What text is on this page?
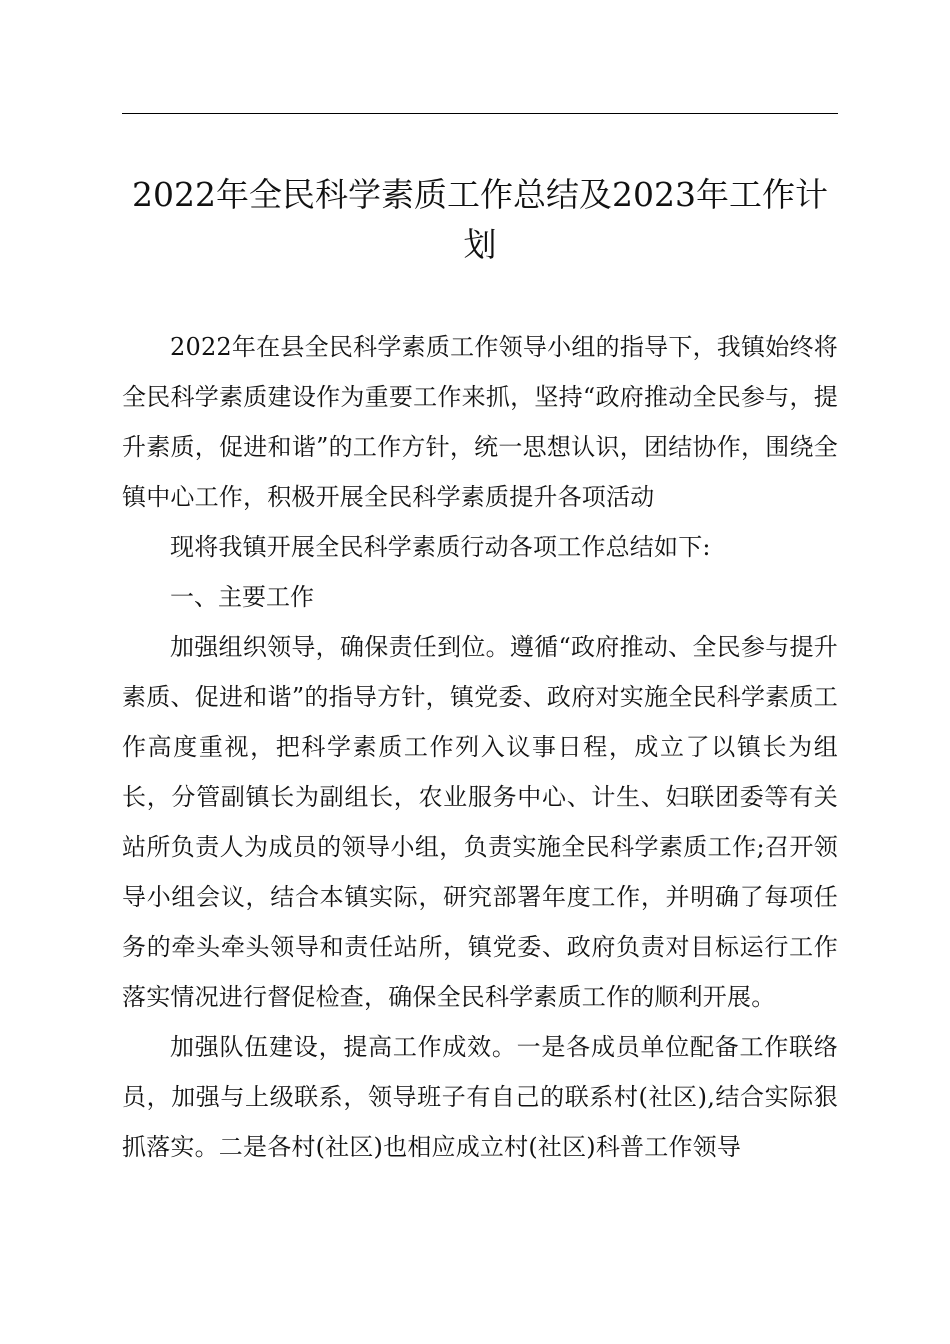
2022年全民科学素质工作总结及2023年工作计划

2022年在县全民科学素质工作领导小组的指导下，我镇始终将全民科学素质建设作为重要工作来抓，坚持“政府推动全民参与，提升素质，促进和谐”的工作方针，统一思想认识，团结协作，围绕全镇中心工作，积极开展全民科学素质提升各项活动

现将我镇开展全民科学素质行动各项工作总结如下:

一、主要工作

加强组织领导，确保责任到位。遵循“政府推动、全民参与提升素质、促进和谐”的指导方针，镇党委、政府对实施全民科学素质工作高度重视，把科学素质工作列入议事日程，成立了以镇长为组长，分管副镇长为副组长，农业服务中心、计生、妇联团委等有关站所负责人为成员的领导小组，负责实施全民科学素质工作;召开领导小组会议，结合本镇实际，研究部署年度工作，并明确了每项任务的牵头牵头领导和责任站所，镇党委、政府负责对目标运行工作落实情况进行督促检查，确保全民科学素质工作的顺利开展。

加强队伍建设，提高工作成效。一是各成员单位配备工作联络员，加强与上级联系，领导班子有自己的联系村(社区),结合实际狠抓落实。二是各村(社区)也相应成立村(社区)科普工作领导
